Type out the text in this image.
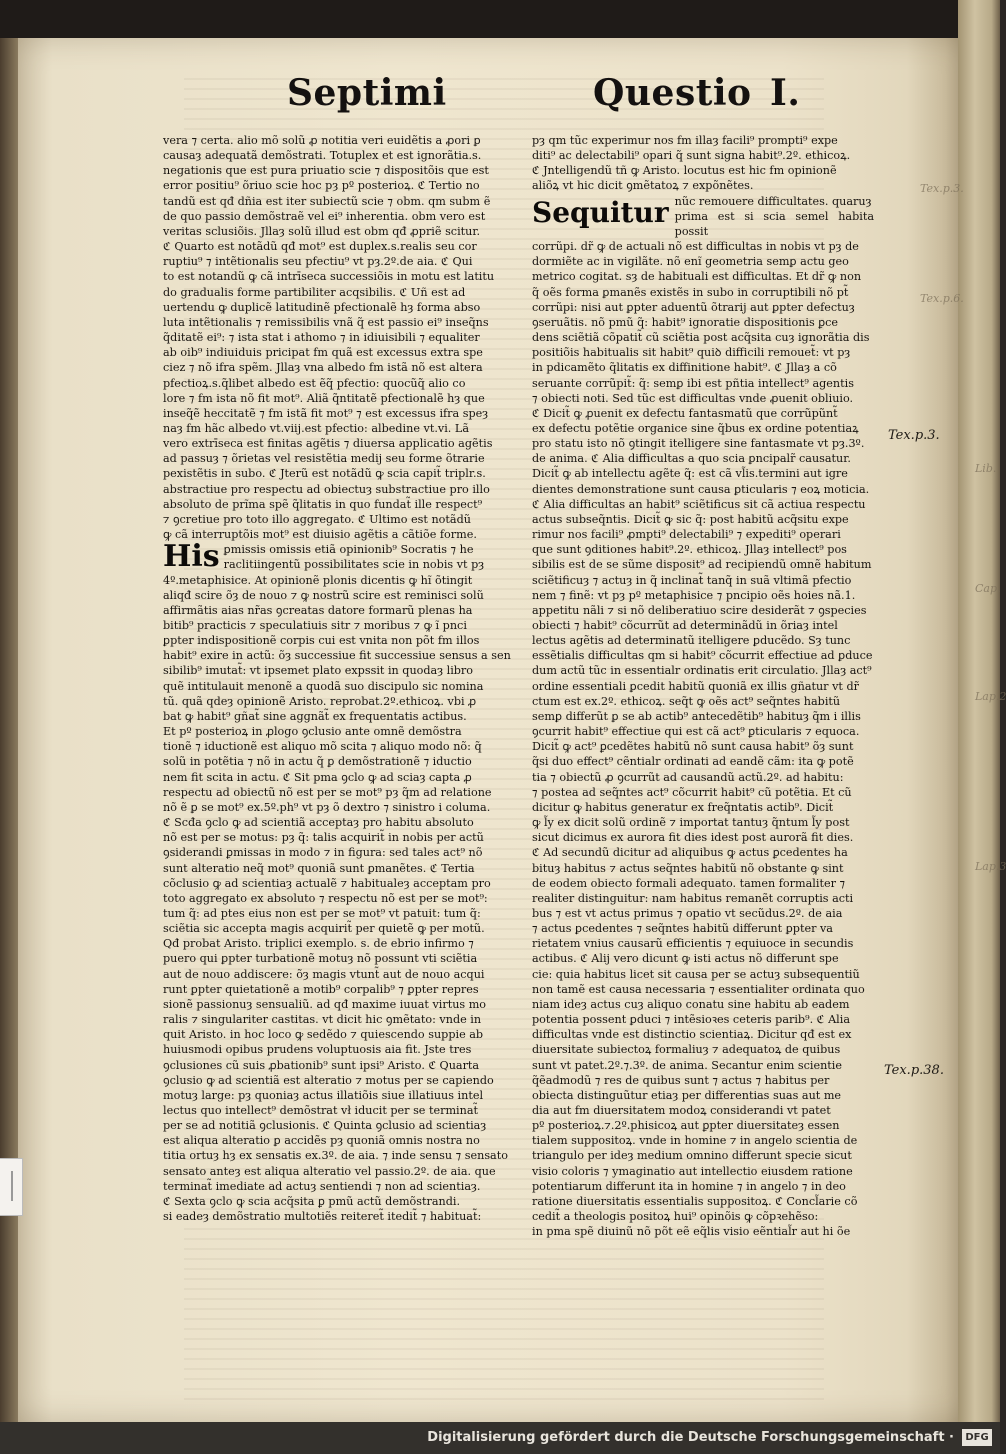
Septimi	Questio I.

vera ⁊ certa. alio mõ solũ ꝓ notitia veri euidẽtis a ꝓori ꝑ
causaȝ adequatã demõstrati. Totuplex et est ignorãtia.s.
negationis que est pura priuatio scie ⁊ dispositõis que est
error positiu⁹ õriuo scie hoc pȝ pº posterioꝝ. ℭ Tertio no
tandũ est qđ dñia est iter subiectũ scie ⁊ obm. qm subm ẽ
de quo passio demõstraẽ vel ei⁹ inherentia. obm vero est
veritas sclusiõis. Jllaȝ solũ illud est obm qđ ꝓpriẽ scitur.
ℭ Quarto est notãdũ qđ mot⁹ est duplex.s.realis seu cor
ruptiu⁹ ⁊ intẽtionalis seu pfectiu⁹ vt pȝ.2º.de aia. ℭ Qui
to est notandũ ꝙ cã intrīseca successiõis in motu est latitu
do gradualis forme partibiliter acqsibilis. ℭ Uñ est ad
uertendu ꝙ duplicẽ latitudinẽ pfectionalẽ hȝ forma abso
luta intẽtionalis ⁊ remissibilis vnã q̃ est passio ei⁹ inseq̃ns
q̃ditatẽ ei⁹: ⁊ ista stat i athomo ⁊ in idiuisibili ⁊ equaliter
ab oib⁹ indiuiduis pricipat fm quã est excessus extra spe
ciez ⁊ nõ ifra spẽm. Jllaȝ vna albedo fm istã nõ est altera
pfectioꝝ.s.q̃libet albedo est ẽq̃ pfectio: quocũq̃ alio co
lore ⁊ fm ista nõ fit mot⁹. Aliã q̃ntitatẽ pfectionalẽ hȝ que
inseq̃ẽ heccitatẽ ⁊ fm istã fit mot⁹ ⁊ est excessus ifra speȝ
naȝ fm hãc albedo vt.viij.est pfectio: albedine vt.vi. Lã
vero extrīseca est finitas agẽtis ⁊ diuersa applicatio agẽtis
ad passuȝ ⁊ õrietas vel resistẽtia medij seu forme õtrarie
pexistẽtis in subo. ℭ Jterũ est notãdũ ꝙ scia capit̃ triplr.s.
abstractiue pro respectu ad obiectuȝ substractiue pro illo
absoluto de prĩma spẽ q̃litatis in quo fundat̃ ille respect⁹
⁊ ꝯcretiue pro toto illo aggregato. ℭ Ultimo est notãdũ
ꝙ cã interruptõis mot⁹ est diuisio agẽtis a cãtiõe forme.

His ꝑmissis omissis etiã opinionib⁹ Socratis ⁊ he
raclitiingentũ possibilitates scie in nobis vt pȝ
4º.metaphisice. At opinionẽ plonis dicentis ꝙ hĩ õtingit
aliqđ scire õȝ de nouo ⁊ ꝙ nostrũ scire est reminisci solũ
affirmãtis aias nr̃as ꝯcreatas datore formarũ plenas ha
bitib⁹ practicis ⁊ speculatiuis sitr ⁊ moribus ⁊ ꝙ ĩ pnci
ꝑpter indispositionẽ corpis cui est vnita non põt fm illos
habit⁹ exire in actũ: õȝ successiue fit successiue sensus a sen
sibilib⁹ imutat̃: vt ipsemet plato expssit in quodaȝ libro
quẽ intitulauit menonẽ a quodã suo discipulo sic nomina
tũ. quã qdeȝ opinionẽ Aristo. reprobat.2º.ethicoꝝ. vbi ꝓ
bat ꝙ habit⁹ gñat̃ sine aggnãt̃ ex frequentatis actibus.
Et pº posterioꝝ in ꝓlogo ꝯclusio ante omnẽ demõstra
tionẽ ⁊ iductionẽ est aliquo mõ scita ⁊ aliquo modo nõ: q̃
solũ in potẽtia ⁊ nõ in actu q̃ ꝑ demõstrationẽ ⁊ iductio
nem fit scita in actu. ℭ Sit pma ꝯclo ꝙ ad sciaȝ capta ꝓ
respectu ad obiectũ nõ est per se mot⁹ pȝ q̃m ad relatione
nõ ẽ ꝑ se mot⁹ ex.5º.ph⁹ vt pȝ õ dextro ⁊ sinistro i columa.
ℭ Scđa ꝯclo ꝙ ad scientiã acceptaȝ pro habitu absoluto
nõ est per se motus: pȝ q̃: talis acquirit̃ in nobis per actũ
ꝯsiderandi ꝑmissas in modo ⁊ in figura: sed tales act⁹ nõ
sunt alteratio neq̃ mot⁹ quoniã sunt ꝑmanẽtes. ℭ Tertia
cõclusio ꝙ ad scientiaȝ actualẽ ⁊ habitualeȝ acceptam pro
toto aggregato ex absoluto ⁊ respectu nõ est per se mot⁹:
tum q̃: ad ptes eius non est per se mot⁹ vt patuit: tum q̃:
sciẽtia sic accepta magis acquirit̃ per quietẽ ꝙ per motũ.
Qđ probat Aristo. triplici exemplo. s. de ebrio infirmo ⁊
puero qui ꝑpter turbationẽ motuȝ nõ possunt vti sciẽtia
aut de nouo addiscere: õȝ magis vtunt̃ aut de nouo acqui
runt ꝑpter quietationẽ a motib⁹ corpalib⁹ ⁊ ꝑpter repres
sionẽ passionuȝ sensualiũ. ad qđ maxime iuuat virtus mo
ralis ⁊ singulariter castitas. vt dicit hic ꝯmẽtato: vnde in
quit Aristo. in hoc loco ꝙ sedẽdo ⁊ quiescendo suppie ab
huiusmodi opibus prudens voluptuosis aia fit. Jste tres
ꝯclusiones cũ suis ꝓbationib⁹ sunt ipsi⁹ Aristo. ℭ Quarta
ꝯclusio ꝙ ad scientiã est alteratio ⁊ motus per se capiendo
motuȝ large: pȝ quoniaȝ actus illatiõis siue illatiuus intel
lectus quo intellect⁹ demõstrat vł iducit per se terminat̃
per se ad notitiã ꝯclusionis. ℭ Quinta ꝯclusio ad scientiaȝ
est aliqua alteratio ꝑ accidẽs pȝ quoniã omnis nostra no
titia ortuȝ hȝ ex sensatis ex.3º. de aia. ⁊ inde sensu ⁊ sensato
sensato anteȝ est aliqua alteratio vel passio.2º. de aia. que
terminat̃ imediate ad actuȝ sentiendi ⁊ non ad scientiaȝ.
ℭ Sexta ꝯclo ꝙ scia acq̃sita ꝑ pmũ actũ demõstrandi.
si eadeȝ demõstratio multotiẽs reiteret̃ itedit̃ ⁊ habituat̃:

pȝ qm tũc experimur nos fm illaȝ facili⁹ prompti⁹ expe
diti⁹ ac delectabili⁹ opari q̃ sunt signa habit⁹.2º. ethicoꝝ.
ℭ Jntelligendũ tñ ꝙ Aristo. locutus est hic fm opinionẽ
aliõꝝ vt hic dicit ꝯmẽtatoꝝ ⁊ expõnẽtes.

Sequitur nũc remouere difficultates. quaruȝ
prima est si scia semel habita possit
corrũpi. dr̃ ꝙ de actuali nõ est difficultas in nobis vt pȝ de
dormiẽte ac in vigilãte. nõ enĩ geometria semꝑ actu geo
metrico cogitat. sȝ de habituali est difficultas. Et dr̃ ꝙ non
q̃ oẽs forma ꝑmanẽs existẽs in subo in corruptibili nõ pt̃
corrũpi: nisi aut ꝑpter aduentũ õtrarij aut ꝑpter defectuȝ
ꝯseruãtis. nõ pmũ q̃: habit⁹ ignoratie dispositionis ꝑce
dens sciẽtiã cõpatit̃ cũ sciẽtia post acq̃sita cuȝ ignorãtia dis
positiõis habitualis sit habit⁹ quiꝺ difficili remouet̃: vt pȝ
in pdicamẽto q̃litatis ex diffinitione habit⁹. ℭ Jllaȝ a cõ
seruante corrũpit̃: q̃: semꝑ ibi est pñtia intellect⁹ agentis
⁊ obiecti noti. Sed tũc est difficultas vnde ꝓuenit obliuio.
ℭ Dicit̃ ꝙ ꝓuenit ex defectu fantasmatũ que corrũpũnt̃
ex defectu potẽtie organice sine q̃bus ex ordine potentiaꝝ
pro statu isto nõ ꝯtingit itelligere sine fantasmate vt pȝ.3º.
de anima. ℭ Alia difficultas a quo scia ꝑncipalr̃ causatur.
Dicit̃ ꝙ ab intellectu agẽte q̃: est cã vl̃is.termini aut igre
dientes demonstratione sunt causa ꝑticularis ⁊ eoꝝ moticia.
ℭ Alia difficultas an habit⁹ sciẽtificus sit cã actiua respectu
actus subseq̃ntis. Dicit̃ ꝙ sic q̃: post habitũ acq̃situ expe
rimur nos facili⁹ ꝓmpti⁹ delectabili⁹ ⁊ expediti⁹ operari
que sunt ꝯditiones habit⁹.2º. ethicoꝝ. Jllaȝ intellect⁹ pos
sibilis est de se sũme disposit⁹ ad recipiendũ omnẽ habitum
sciẽtificuȝ ⁊ actuȝ in q̃ inclinat̃ tanq̃ in suã vltimã pfectio
nem ⁊ finẽ: vt pȝ pº metaphisice ⁊ pncipio oẽs hoies nã.1.
appetitu nãli ⁊ si nõ deliberatiuo scire desiderãt ⁊ ꝯspecies
obiecti ⁊ habit⁹ cõcurrũt ad determinãdũ in õriaȝ intel
lectus agẽtis ad determinatũ itelligere ꝑducẽdo. Sȝ tunc
essẽtialis difficultas qm si habit⁹ cõcurrit effectiue ad ꝑduce
dum actũ tũc in essentialr ordinatis erit circulatio. Jllaȝ act⁹
ordine essentiali ꝑcedit habitũ quoniã ex illis gñatur vt dr̃
ctum est ex.2º. ethicoꝝ. seq̃t ꝙ oẽs act⁹ seq̃ntes habitũ
semꝑ differũt ꝑ se ab actib⁹ antecedẽtib⁹ habituȝ q̃m i illis
ꝯcurrit habit⁹ effectiue qui est cã act⁹ ꝑticularis ⁊ equoca.
Dicit̃ ꝙ act⁹ ꝑcedẽtes habitũ nõ sunt causa habit⁹ õȝ sunt
q̃si duo effect⁹ cẽntialr ordinati ad eandẽ cãm: ita ꝙ potẽ
tia ⁊ obiectũ ꝓ ꝯcurrũt ad causandũ actũ.2º. ad habitu:
⁊ postea ad seq̃ntes act⁹ cõcurrit habit⁹ cũ potẽtia. Et cũ
dicitur ꝙ habitus generatur ex freq̃ntatis actib⁹. Dicit̃
ꝙ l̃y ex dicit solũ ordinẽ ⁊ importat tantuȝ q̃ntum l̃y post
sicut dicimus ex aurora fit dies idest post aurorã fit dies.
ℭ Ad secundũ dicitur ad aliquibus ꝙ actus ꝑcedentes ha
bituȝ habitus ⁊ actus seq̃ntes habitũ nõ obstante ꝙ sint
de eodem obiecto formali adequato. tamen formaliter ⁊
realiter distinguitur: nam habitus remanẽt corruptis acti
bus ⁊ est vt actus primus ⁊ opatio vt secũdus.2º. de aia
⁊ actus ꝑcedentes ⁊ seq̃ntes habitũ differunt ꝑpter va
rietatem vnius causarũ efficientis ⁊ equiuoce in secundis
actibus. ℭ Alij vero dicunt ꝙ isti actus nõ differunt spe
cie: quia habitus licet sit causa per se actuȝ subsequentiũ
non tamẽ est causa necessaria ⁊ essentialiter ordinata quo
niam ideȝ actus cuȝ aliquo conatu sine habitu ab eadem
potentia possent ꝑduci ⁊ intẽsioꝛes ceteris parib⁹. ℭ Alia
difficultas vnde est distinctio scientiaꝝ. Dicitur qđ est ex
diuersitate subiectoꝝ formaliuȝ ⁊ adequatoꝝ de quibus
sunt vt patet.2º.⁊.3º. de anima. Secantur enim scientie
q̃ẽadmodũ ⁊ res de quibus sunt ⁊ actus ⁊ habitus per
obiecta distinguũtur etiaȝ per differentias suas aut me
dia aut fm diuersitatem modoꝝ considerandi vt patet
pº posterioꝝ.⁊.2º.phisicoꝝ aut ꝑpter diuersitateȝ essen
tialem suppositoꝝ. vnde in homine ⁊ in angelo scientia de
triangulo per ideȝ medium omnino differunt specie sicut
visio coloris ⁊ ymaginatio aut intellectio eiusdem ratione
potentiarum differunt ita in homine ⁊ in angelo ⁊ in deo
ratione diuersitatis essentialis suppositoꝝ. ℭ Concl̃arie cõ
cedit̃ a theologis positoꝝ hui⁹ opinõis ꝙ cõpꝛehẽso:
in pma spẽ diuinũ nõ põt eẽ eq̃lis visio eẽntial̃r aut hi õe

Tex.p.3.
Tex.p.38.
Lib.
Cap.
Lap.2
Tex.p.3.
Tex.p.6.
Lap.3
Digitalisierung gefördert durch die Deutsche Forschungsgemeinschaft ·	DFG
